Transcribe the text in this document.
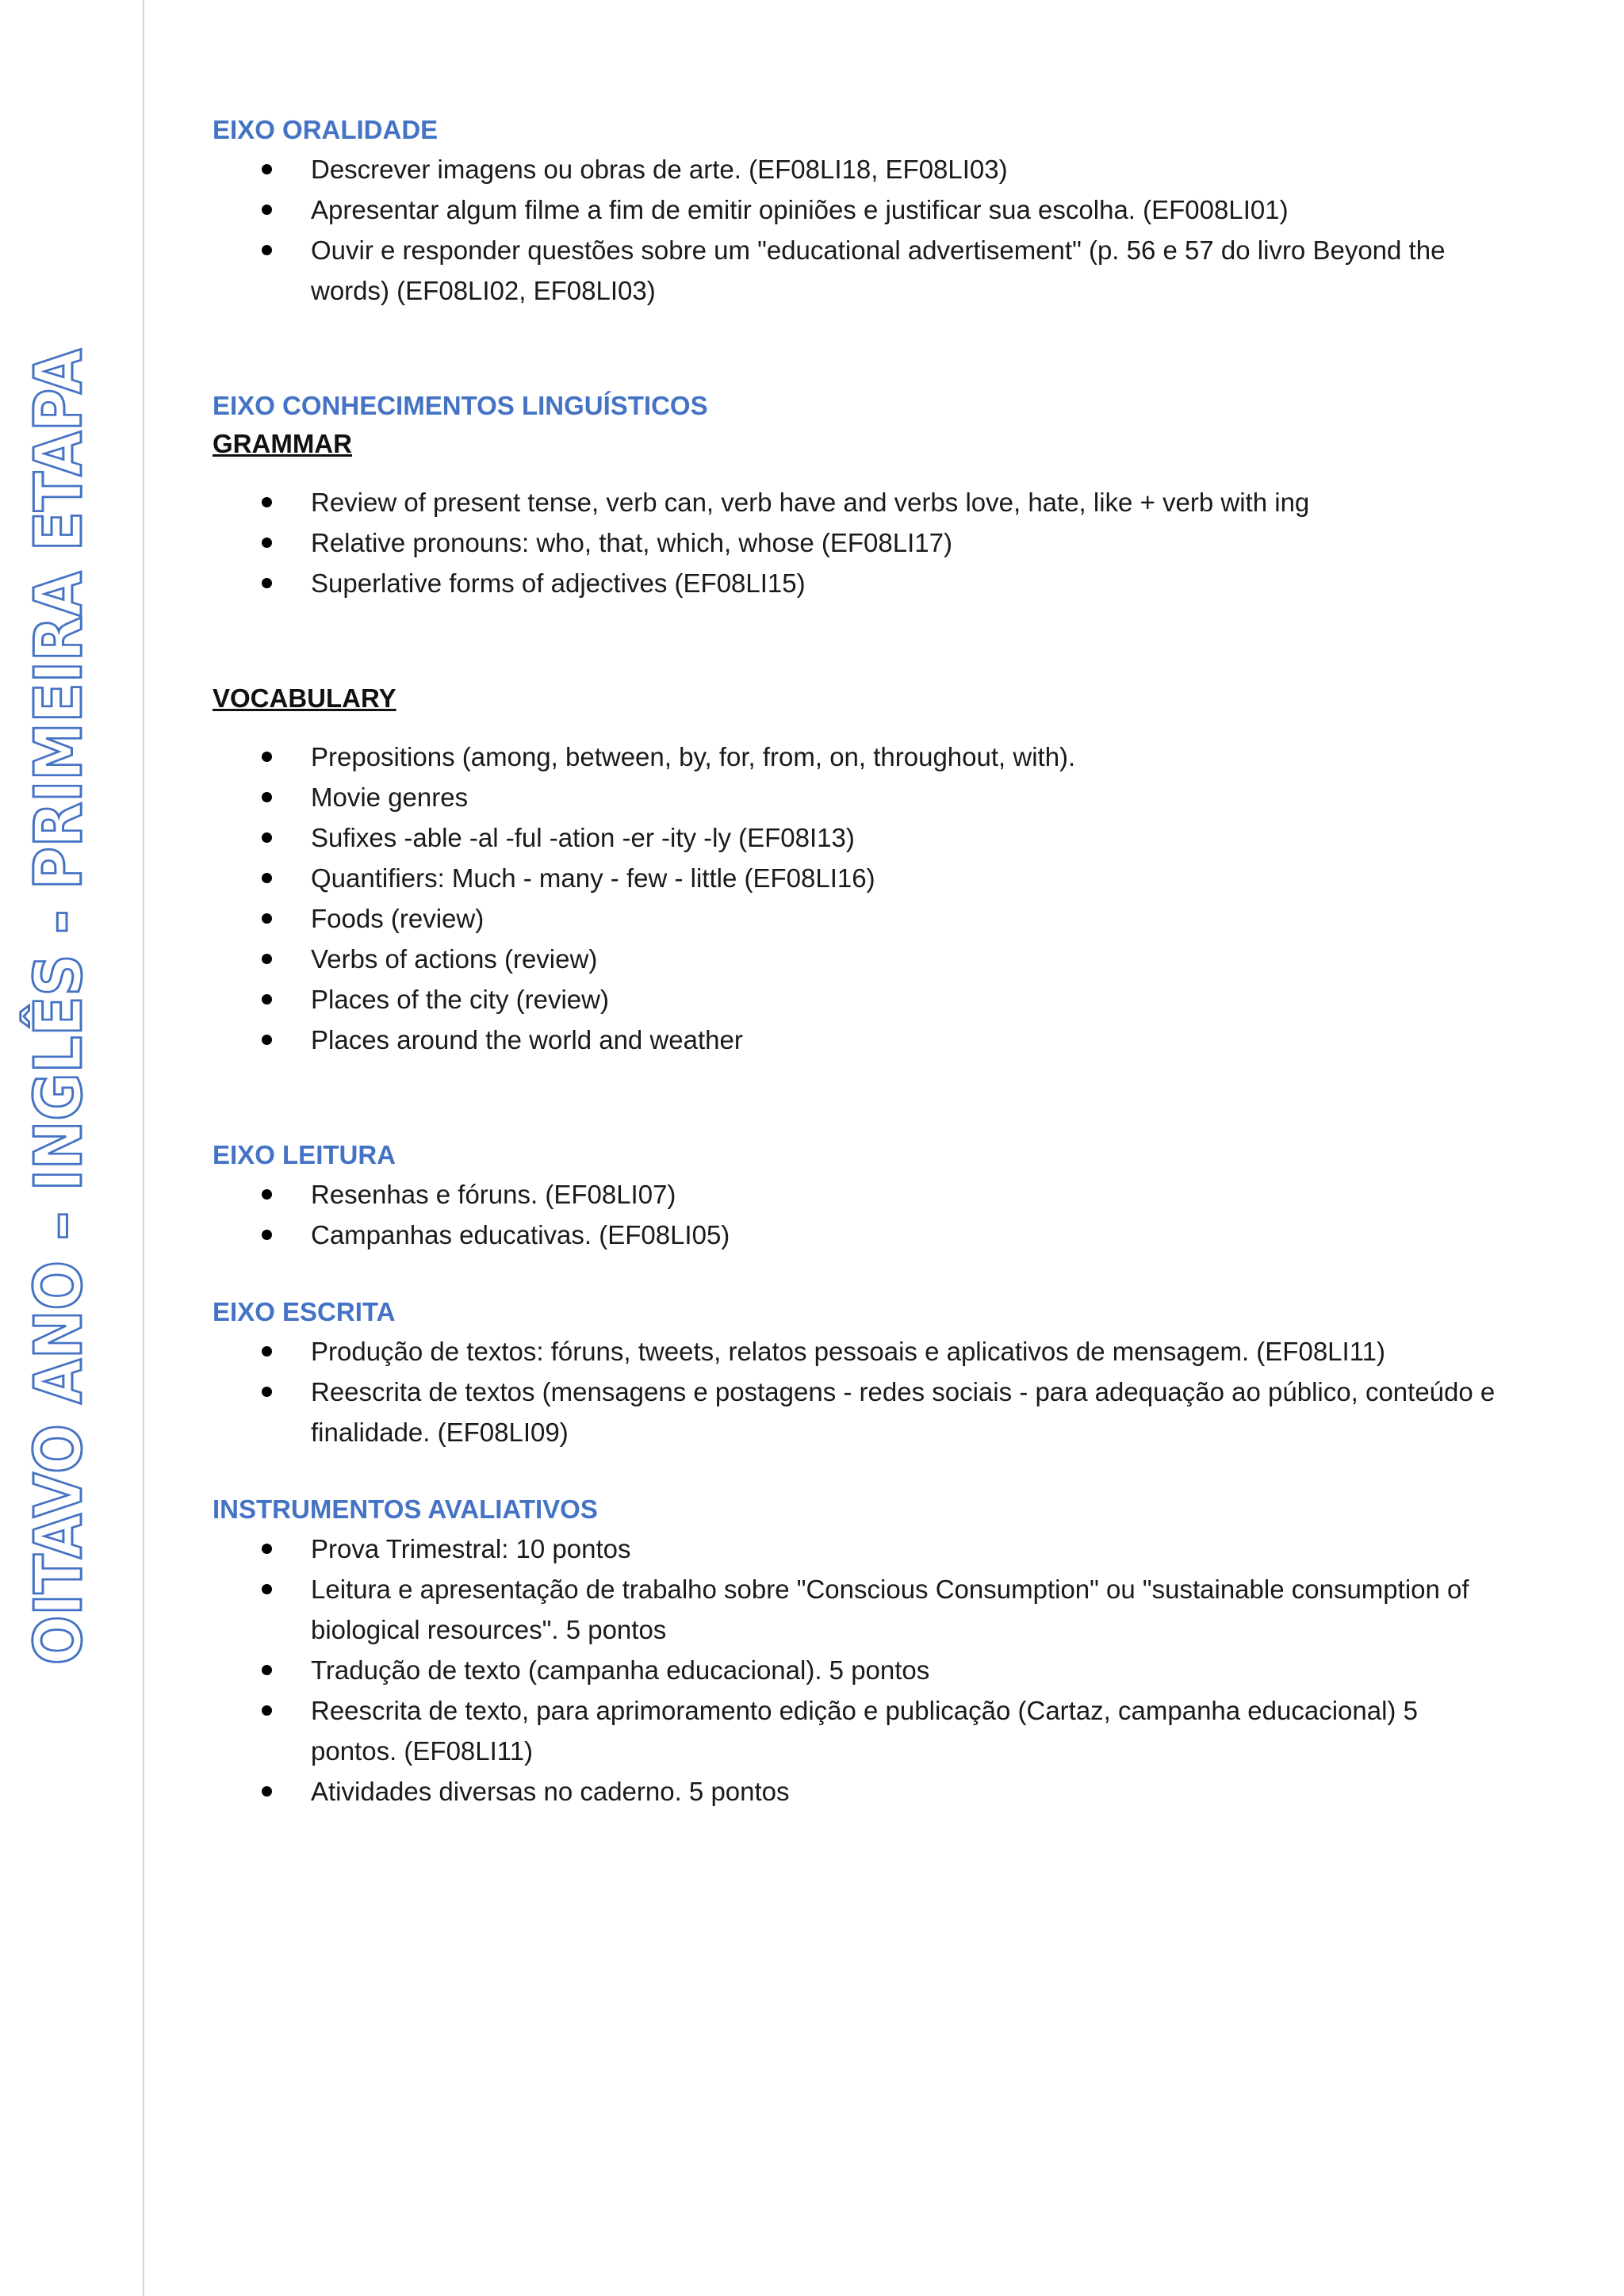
OITAVO ANO – INGLÊS - PRIMEIRA ETAPA
EIXO ORALIDADE
Descrever imagens ou obras de arte. (EF08LI18, EF08LI03)
Apresentar algum filme a fim de emitir opiniões e justificar sua escolha. (EF008LI01)
Ouvir e responder questões sobre um "educational advertisement" (p. 56 e 57 do livro Beyond the words) (EF08LI02, EF08LI03)
EIXO CONHECIMENTOS LINGUÍSTICOS
GRAMMAR
Review of present tense, verb can, verb have and verbs love, hate, like + verb with ing
Relative pronouns: who, that, which, whose (EF08LI17)
Superlative forms of adjectives (EF08LI15)
VOCABULARY
Prepositions (among, between, by, for, from, on, throughout, with).
Movie genres
Sufixes -able -al -ful -ation -er -ity -ly (EF08I13)
Quantifiers: Much - many - few - little (EF08LI16)
Foods (review)
Verbs of actions (review)
Places of the city (review)
Places around the world and weather
EIXO LEITURA
Resenhas e fóruns. (EF08LI07)
Campanhas educativas. (EF08LI05)
EIXO ESCRITA
Produção de textos: fóruns, tweets, relatos pessoais e aplicativos de mensagem. (EF08LI11)
Reescrita de textos (mensagens e postagens - redes sociais - para adequação ao público, conteúdo e finalidade. (EF08LI09)
INSTRUMENTOS AVALIATIVOS
Prova Trimestral: 10 pontos
Leitura e apresentação de trabalho sobre "Conscious Consumption" ou "sustainable consumption of biological resources". 5 pontos
Tradução de texto (campanha educacional). 5 pontos
Reescrita de texto, para aprimoramento edição e publicação (Cartaz, campanha educacional) 5 pontos. (EF08LI11)
Atividades diversas no caderno. 5 pontos
